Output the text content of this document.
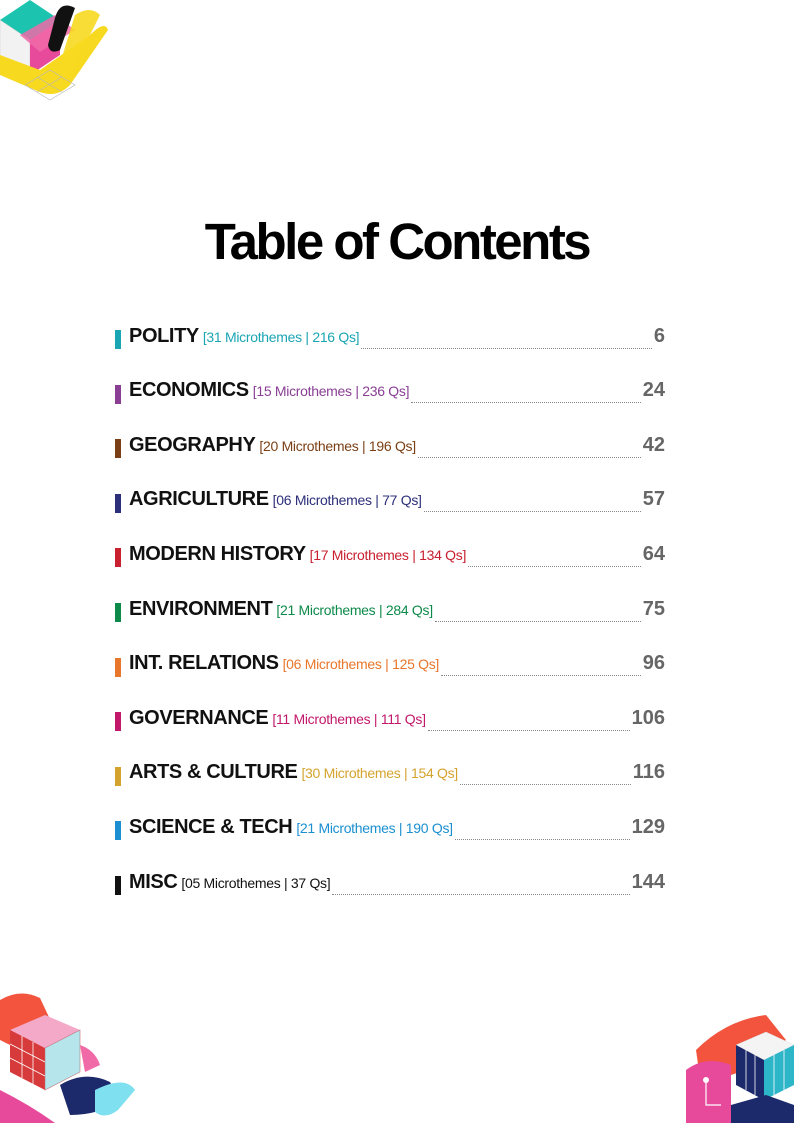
Table of Contents
POLITY [31 Microthemes | 216 Qs]	6
ECONOMICS [15 Microthemes | 236 Qs]	24
GEOGRAPHY [20 Microthemes | 196 Qs]	42
AGRICULTURE [06 Microthemes | 77 Qs]	57
MODERN HISTORY [17 Microthemes | 134 Qs]	64
ENVIRONMENT [21 Microthemes | 284 Qs]	75
INT. RELATIONS [06 Microthemes | 125 Qs]	96
GOVERNANCE [11 Microthemes | 111 Qs]	106
ARTS & CULTURE [30 Microthemes | 154 Qs]	116
SCIENCE & TECH [21 Microthemes | 190 Qs]	129
MISC [05 Microthemes | 37 Qs]	144
